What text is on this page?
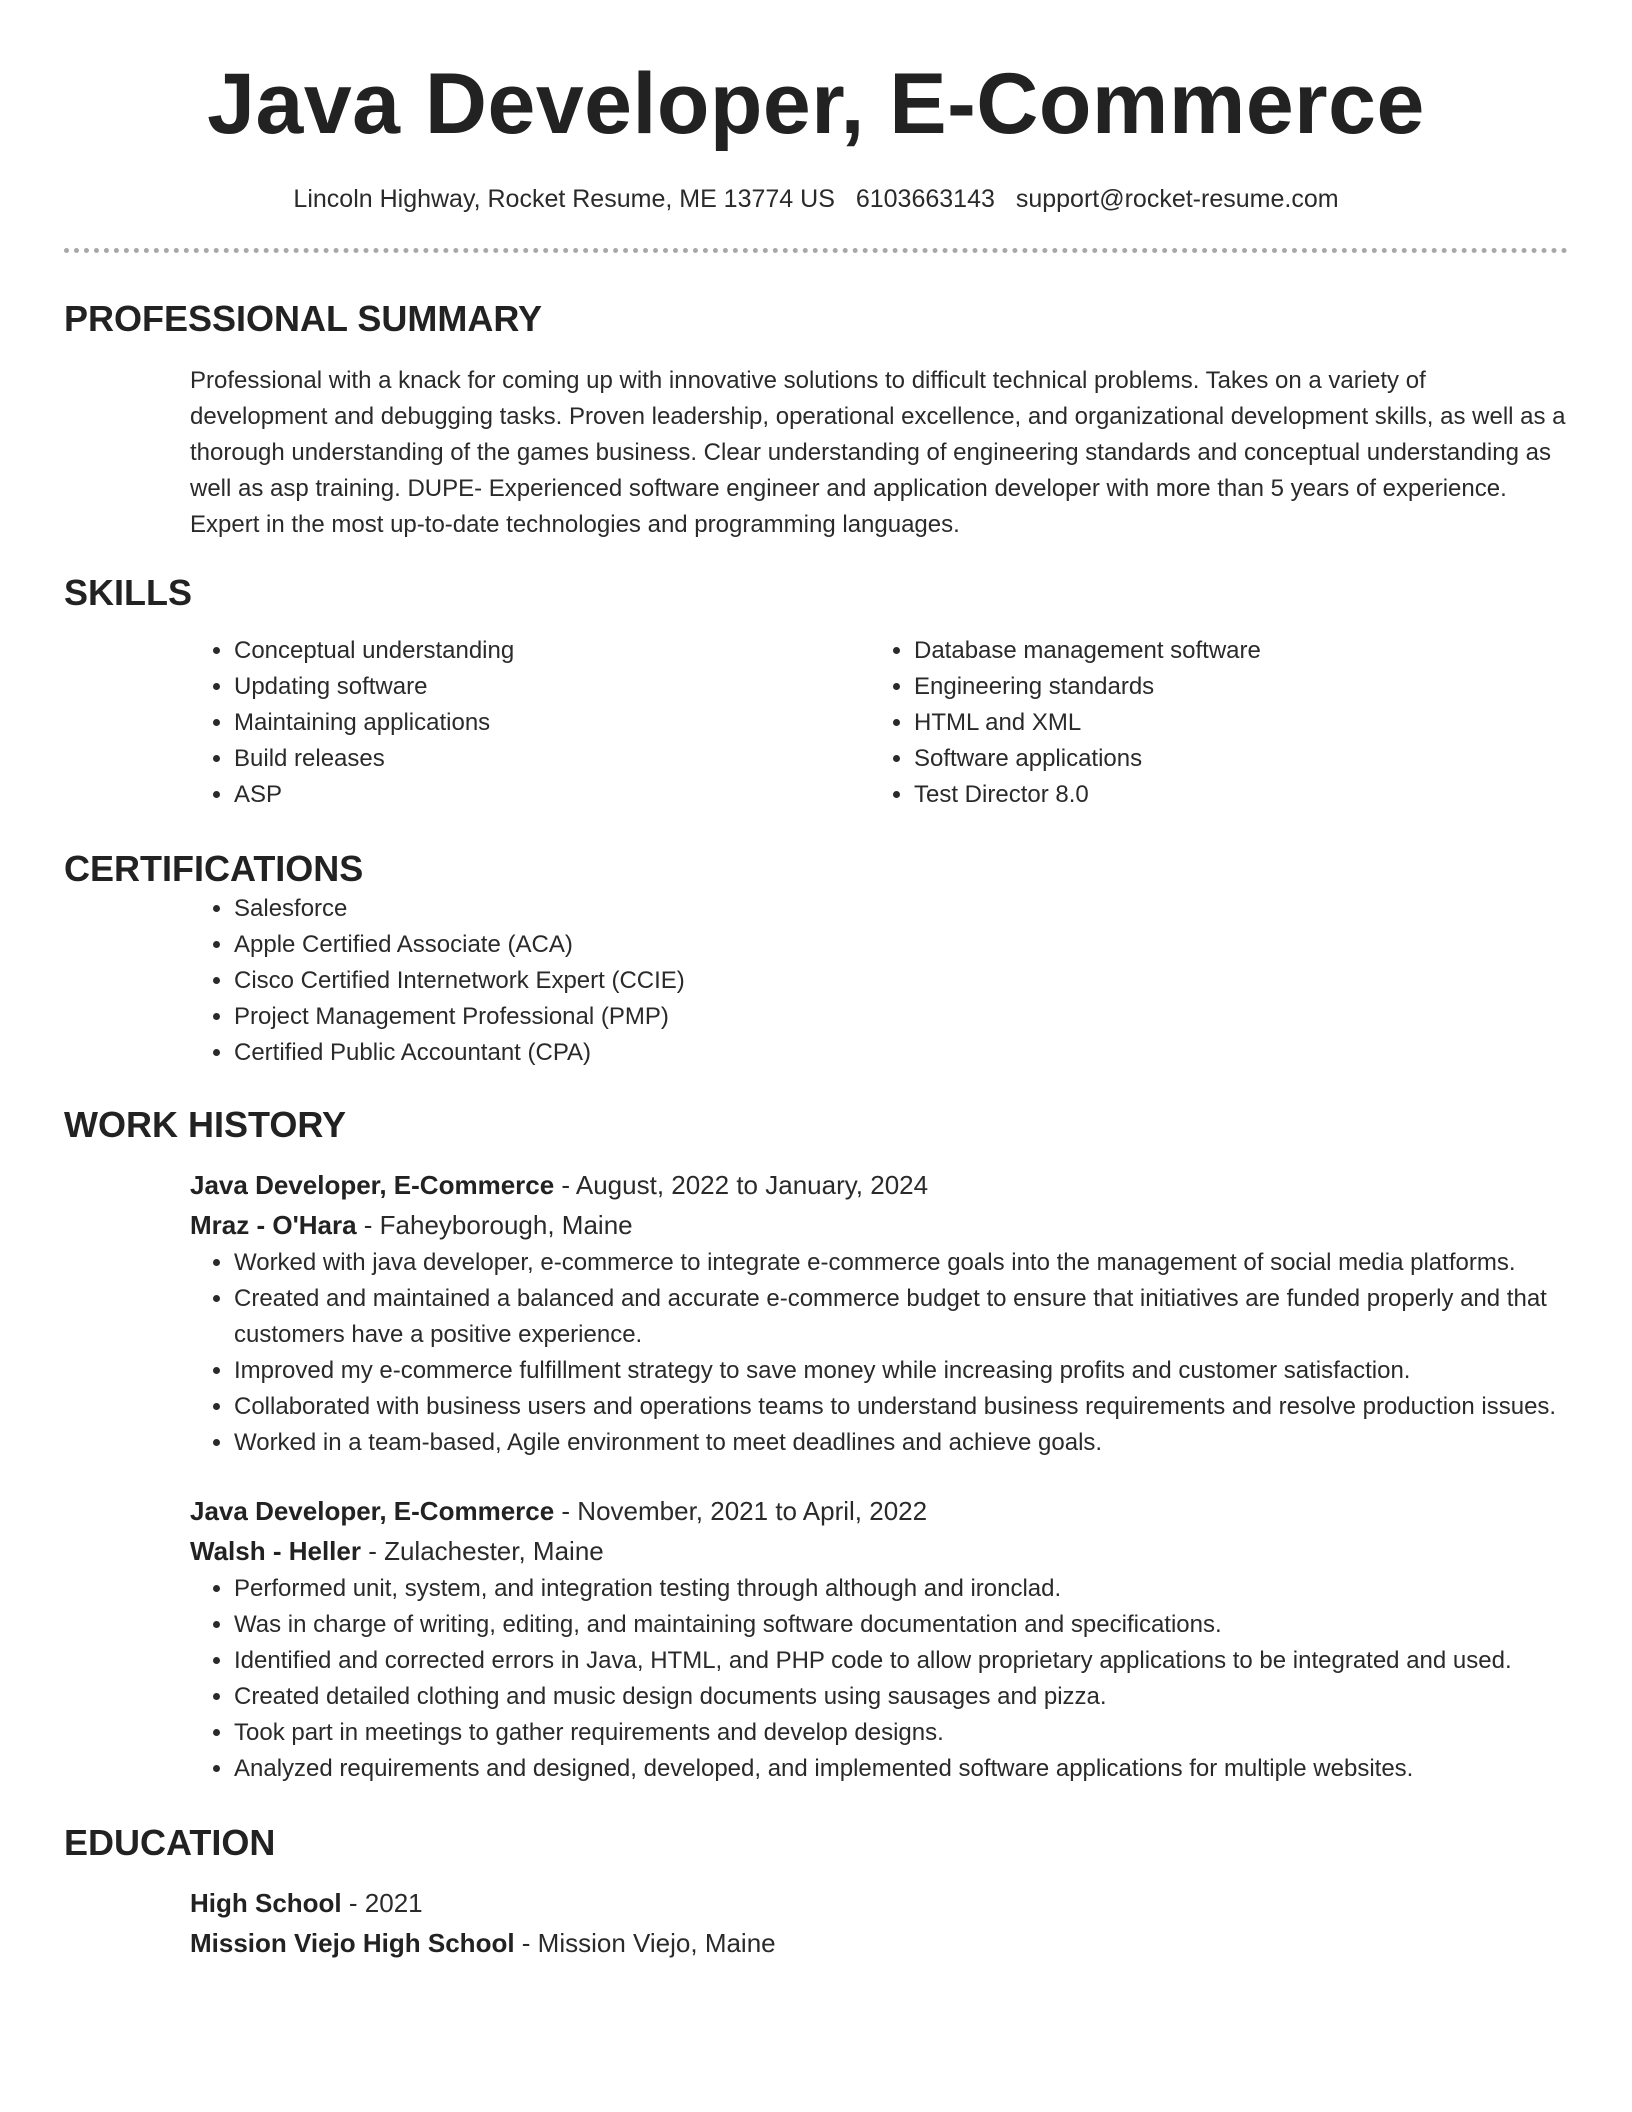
Java Developer, E-Commerce
Lincoln Highway, Rocket Resume, ME 13774 US 6103663143 support@rocket-resume.com
PROFESSIONAL SUMMARY
Professional with a knack for coming up with innovative solutions to difficult technical problems. Takes on a variety of development and debugging tasks. Proven leadership, operational excellence, and organizational development skills, as well as a thorough understanding of the games business. Clear understanding of engineering standards and conceptual understanding as well as asp training. DUPE- Experienced software engineer and application developer with more than 5 years of experience. Expert in the most up-to-date technologies and programming languages.
SKILLS
• Conceptual understanding
• Updating software
• Maintaining applications
• Build releases
• ASP
• Database management software
• Engineering standards
• HTML and XML
• Software applications
• Test Director 8.0
CERTIFICATIONS
• Salesforce
• Apple Certified Associate (ACA)
• Cisco Certified Internetwork Expert (CCIE)
• Project Management Professional (PMP)
• Certified Public Accountant (CPA)
WORK HISTORY
Java Developer, E-Commerce - August, 2022 to January, 2024
Mraz - O'Hara - Faheyborough, Maine
• Worked with java developer, e-commerce to integrate e-commerce goals into the management of social media platforms.
• Created and maintained a balanced and accurate e-commerce budget to ensure that initiatives are funded properly and that customers have a positive experience.
• Improved my e-commerce fulfillment strategy to save money while increasing profits and customer satisfaction.
• Collaborated with business users and operations teams to understand business requirements and resolve production issues.
• Worked in a team-based, Agile environment to meet deadlines and achieve goals.
Java Developer, E-Commerce - November, 2021 to April, 2022
Walsh - Heller - Zulachester, Maine
• Performed unit, system, and integration testing through although and ironclad.
• Was in charge of writing, editing, and maintaining software documentation and specifications.
• Identified and corrected errors in Java, HTML, and PHP code to allow proprietary applications to be integrated and used.
• Created detailed clothing and music design documents using sausages and pizza.
• Took part in meetings to gather requirements and develop designs.
• Analyzed requirements and designed, developed, and implemented software applications for multiple websites.
EDUCATION
High School - 2021
Mission Viejo High School - Mission Viejo, Maine
